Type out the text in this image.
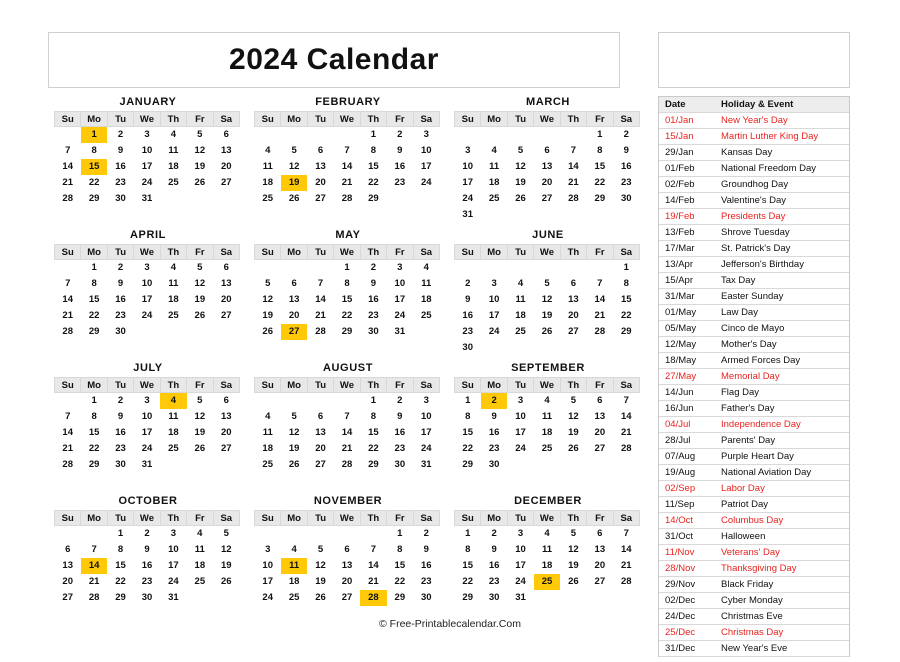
2024 Calendar
JANUARY
Su	Mo	Tu	We	Th	Fr	Sa
	1	2	3	4	5	6
7	8	9	10	11	12	13
14	15	16	17	18	19	20
21	22	23	24	25	26	27
28	29	30	31			
FEBRUARY
Su	Mo	Tu	We	Th	Fr	Sa
				1	2	3
4	5	6	7	8	9	10
11	12	13	14	15	16	17
18	19	20	21	22	23	24
25	26	27	28	29		
MARCH
Su	Mo	Tu	We	Th	Fr	Sa
					1	2
3	4	5	6	7	8	9
10	11	12	13	14	15	16
17	18	19	20	21	22	23
24	25	26	27	28	29	30
31						
APRIL
Su	Mo	Tu	We	Th	Fr	Sa
	1	2	3	4	5	6
7	8	9	10	11	12	13
14	15	16	17	18	19	20
21	22	23	24	25	26	27
28	29	30				
MAY
Su	Mo	Tu	We	Th	Fr	Sa
			1	2	3	4
5	6	7	8	9	10	11
12	13	14	15	16	17	18
19	20	21	22	23	24	25
26	27	28	29	30	31	
JUNE
Su	Mo	Tu	We	Th	Fr	Sa
						1
2	3	4	5	6	7	8
9	10	11	12	13	14	15
16	17	18	19	20	21	22
23	24	25	26	27	28	29
30						
JULY
Su	Mo	Tu	We	Th	Fr	Sa
	1	2	3	4	5	6
7	8	9	10	11	12	13
14	15	16	17	18	19	20
21	22	23	24	25	26	27
28	29	30	31			
AUGUST
Su	Mo	Tu	We	Th	Fr	Sa
				1	2	3
4	5	6	7	8	9	10
11	12	13	14	15	16	17
18	19	20	21	22	23	24
25	26	27	28	29	30	31
SEPTEMBER
Su	Mo	Tu	We	Th	Fr	Sa
1	2	3	4	5	6	7
8	9	10	11	12	13	14
15	16	17	18	19	20	21
22	23	24	25	26	27	28
29	30					
OCTOBER
Su	Mo	Tu	We	Th	Fr	Sa
		1	2	3	4	5
6	7	8	9	10	11	12
13	14	15	16	17	18	19
20	21	22	23	24	25	26
27	28	29	30	31		
NOVEMBER
Su	Mo	Tu	We	Th	Fr	Sa
					1	2
3	4	5	6	7	8	9
10	11	12	13	14	15	16
17	18	19	20	21	22	23
24	25	26	27	28	29	30
DECEMBER
Su	Mo	Tu	We	Th	Fr	Sa
1	2	3	4	5	6	7
8	9	10	11	12	13	14
15	16	17	18	19	20	21
22	23	24	25	26	27	28
29	30	31				
Date	Holiday & Event
01/Jan	New Year's Day
15/Jan	Martin Luther King Day
29/Jan	Kansas Day
01/Feb	National Freedom Day
02/Feb	Groundhog Day
14/Feb	Valentine's Day
19/Feb	Presidents Day
13/Feb	Shrove Tuesday
17/Mar	St. Patrick's Day
13/Apr	Jefferson's Birthday
15/Apr	Tax Day
31/Mar	Easter Sunday
01/May	Law Day
05/May	Cinco de Mayo
12/May	Mother's Day
18/May	Armed Forces Day
27/May	Memorial Day
14/Jun	Flag Day
16/Jun	Father's Day
04/Jul	Independence Day
28/Jul	Parents' Day
07/Aug	Purple Heart Day
19/Aug	National Aviation Day
02/Sep	Labor Day
11/Sep	Patriot Day
14/Oct	Columbus Day
31/Oct	Halloween
11/Nov	Veterans' Day
28/Nov	Thanksgiving Day
29/Nov	Black Friday
02/Dec	Cyber Monday
24/Dec	Christmas Eve
25/Dec	Christmas Day
31/Dec	New Year's Eve
© Free-Printablecalendar.Com
